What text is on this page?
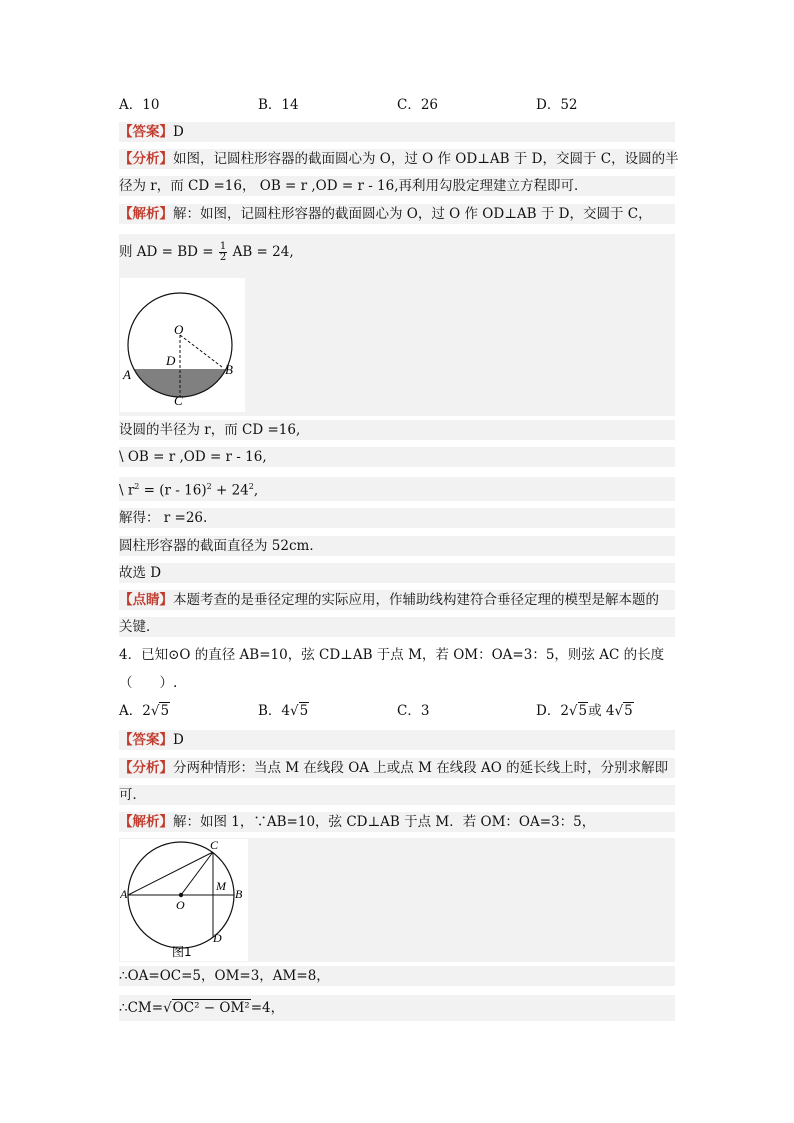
A．10	B．14	C．26	D．52
【答案】D
【分析】如图，记圆柱形容器的截面圆心为 O，过 O 作 OD⊥AB 于 D，交圆于 C，设圆的半
径为 r，而 CD =16， OB = r ,OD = r - 16,再利用勾股定理建立方程即可．
【解析】解：如图，记圆柱形容器的截面圆心为 O，过 O 作 OD⊥AB 于 D，交圆于 C，
则 AD = BD = $\frac{1}{2}$ AB = 24,
O
D
A	B
C
设圆的半径为 r，而 CD =16,
\ OB = r ,OD = r - 16,
\ $r^2 = (r - 16)^2 + 24^2$,
解得： r =26.
圆柱形容器的截面直径为 52cm．
故选 D
【点睛】本题考查的是垂径定理的实际应用，作辅助线构建符合垂径定理的模型是解本题的
关键．
4．已知⊙O 的直径 AB=10，弦 CD⊥AB 于点 M，若 OM：OA=3：5，则弦 AC 的长度
（　　）.
A．2√5	B．4√5	C．3	D．2√5或 4√5
【答案】D
【分析】分两种情形：当点 M 在线段 OA 上或点 M 在线段 AO 的延长线上时，分别求解即
可．
【解析】解：如图 1，∵AB=10，弦 CD⊥AB 于点 M．若 OM：OA=3：5，
C
A
O
M
B
D
图1
∴OA=OC=5，OM=3，AM=8，
∴CM=√OC² − OM²=4，
